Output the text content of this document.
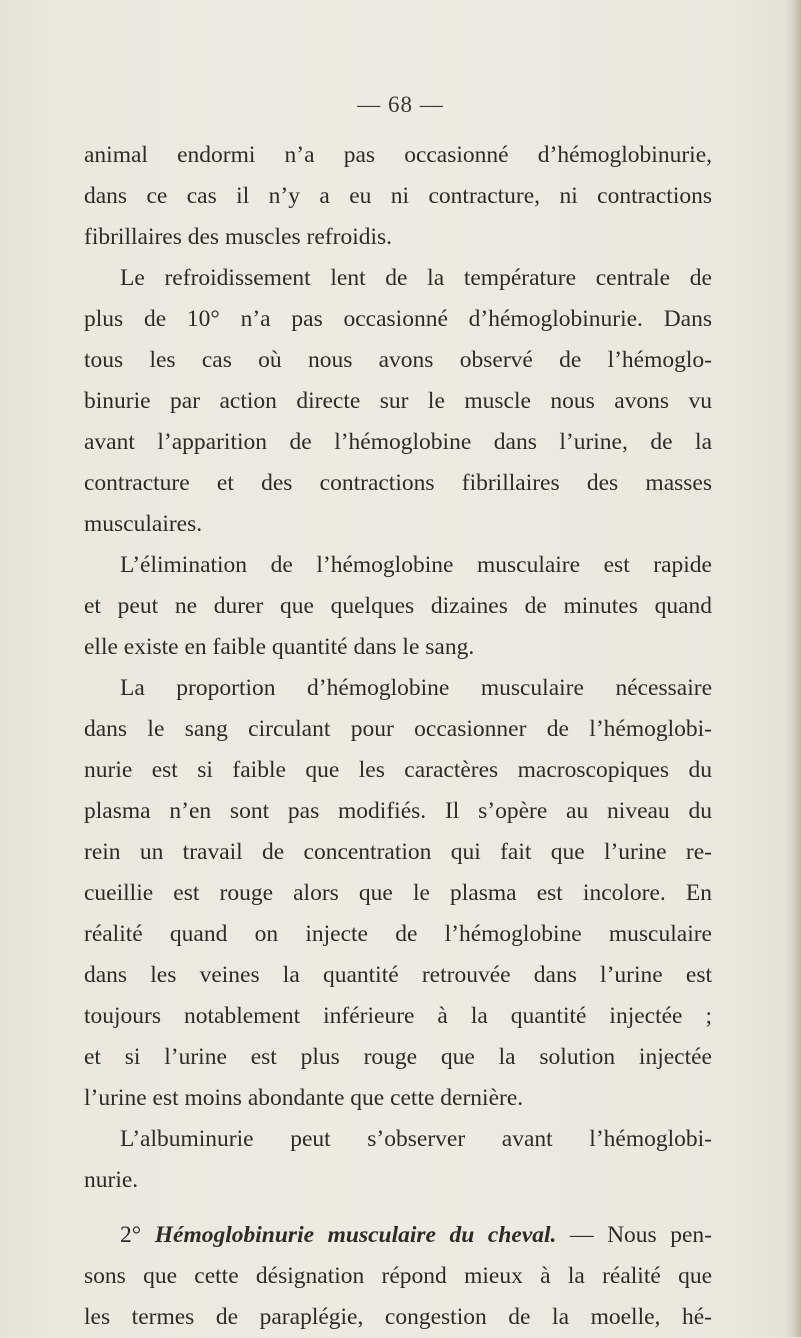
— 68 —
animal endormi n’a pas occasionné d’hémoglobinurie,
dans ce cas il n’y a eu ni contracture, ni contractions
fibrillaires des muscles refroidis.
Le refroidissement lent de la température centrale de
plus de 10° n’a pas occasionné d’hémoglobinurie. Dans
tous les cas où nous avons observé de l’hémoglo-
binurie par action directe sur le muscle nous avons vu
avant l’apparition de l’hémoglobine dans l’urine, de la
contracture et des contractions fibrillaires des masses
musculaires.
L’élimination de l’hémoglobine musculaire est rapide
et peut ne durer que quelques dizaines de minutes quand
elle existe en faible quantité dans le sang.
La proportion d’hémoglobine musculaire nécessaire
dans le sang circulant pour occasionner de l’hémoglobi-
nurie est si faible que les caractères macroscopiques du
plasma n’en sont pas modifiés. Il s’opère au niveau du
rein un travail de concentration qui fait que l’urine re-
cueillie est rouge alors que le plasma est incolore. En
réalité quand on injecte de l’hémoglobine musculaire
dans les veines la quantité retrouvée dans l’urine est
toujours notablement inférieure à la quantité injectée ;
et si l’urine est plus rouge que la solution injectée
l’urine est moins abondante que cette dernière.
L’albuminurie peut s’observer avant l’hémoglobi-
nurie.
2° Hémoglobinurie musculaire du cheval. — Nous pen-
sons que cette désignation répond mieux à la réalité que
les termes de paraplégie, congestion de la moelle, hé-
